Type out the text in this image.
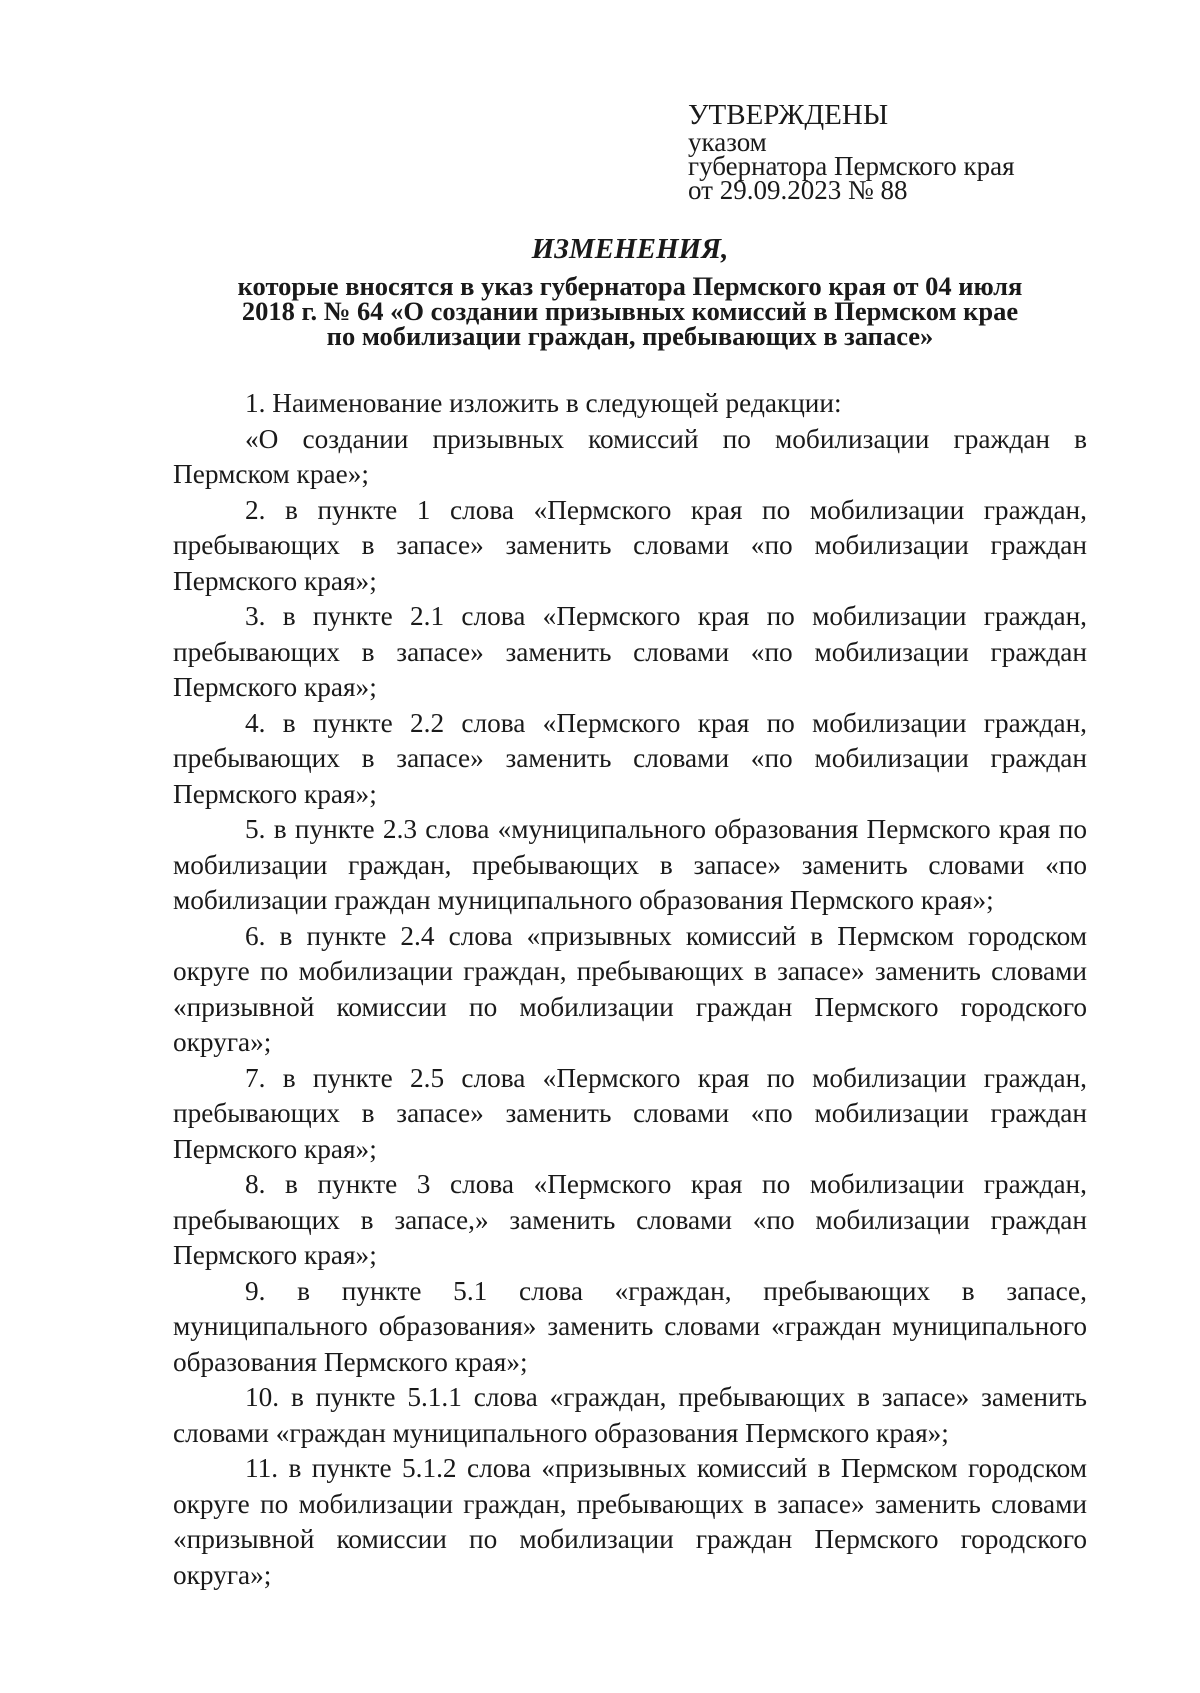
УТВЕРЖДЕНЫ
указом
губернатора Пермского края
от 29.09.2023 № 88
ИЗМЕНЕНИЯ,
которые вносятся в указ губернатора Пермского края от 04 июля
2018 г. № 64 «О создании призывных комиссий в Пермском крае
по мобилизации граждан, пребывающих в запасе»

1. Наименование изложить в следующей редакции:

«О создании призывных комиссий по мобилизации граждан в Пермском крае»;

2. в пункте 1 слова «Пермского края по мобилизации граждан, пребывающих в запасе» заменить словами «по мобилизации граждан Пермского края»;

3. в пункте 2.1 слова «Пермского края по мобилизации граждан, пребывающих в запасе» заменить словами «по мобилизации граждан Пермского края»;

4. в пункте 2.2 слова «Пермского края по мобилизации граждан, пребывающих в запасе» заменить словами «по мобилизации граждан Пермского края»;

5. в пункте 2.3 слова «муниципального образования Пермского края по мобилизации граждан, пребывающих в запасе» заменить словами «по мобилизации граждан муниципального образования Пермского края»;

6. в пункте 2.4 слова «призывных комиссий в Пермском городском округе по мобилизации граждан, пребывающих в запасе» заменить словами «призывной комиссии по мобилизации граждан Пермского городского округа»;

7. в пункте 2.5 слова «Пермского края по мобилизации граждан, пребывающих в запасе» заменить словами «по мобилизации граждан Пермского края»;

8. в пункте 3 слова «Пермского края по мобилизации граждан, пребывающих в запасе,» заменить словами «по мобилизации граждан Пермского края»;

9. в пункте 5.1 слова «граждан, пребывающих в запасе, муниципального образования» заменить словами «граждан муниципального образования Пермского края»;

10. в пункте 5.1.1 слова «граждан, пребывающих в запасе» заменить словами «граждан муниципального образования Пермского края»;

11. в пункте 5.1.2 слова «призывных комиссий в Пермском городском округе по мобилизации граждан, пребывающих в запасе» заменить словами «призывной комиссии по мобилизации граждан Пермского городского округа»;
